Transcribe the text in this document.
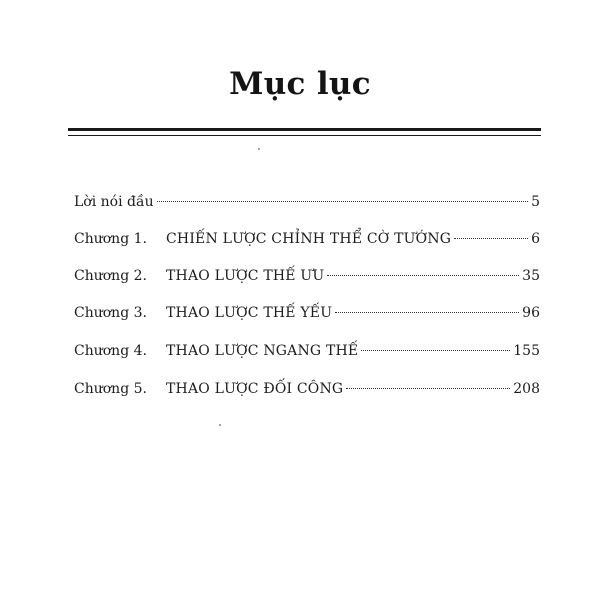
Mục lục
Lời nói đầu	5
Chương 1.	CHIẾN LƯỢC CHỈNH THỂ CỜ TƯỚNG	6
Chương 2.	THAO LƯỢC THẾ ƯU	35
Chương 3.	THAO LƯỢC THẾ YẾU	96
Chương 4.	THAO LƯỢC NGANG THẾ	155
Chương 5.	THAO LƯỢC ĐỐI CÔNG	208
